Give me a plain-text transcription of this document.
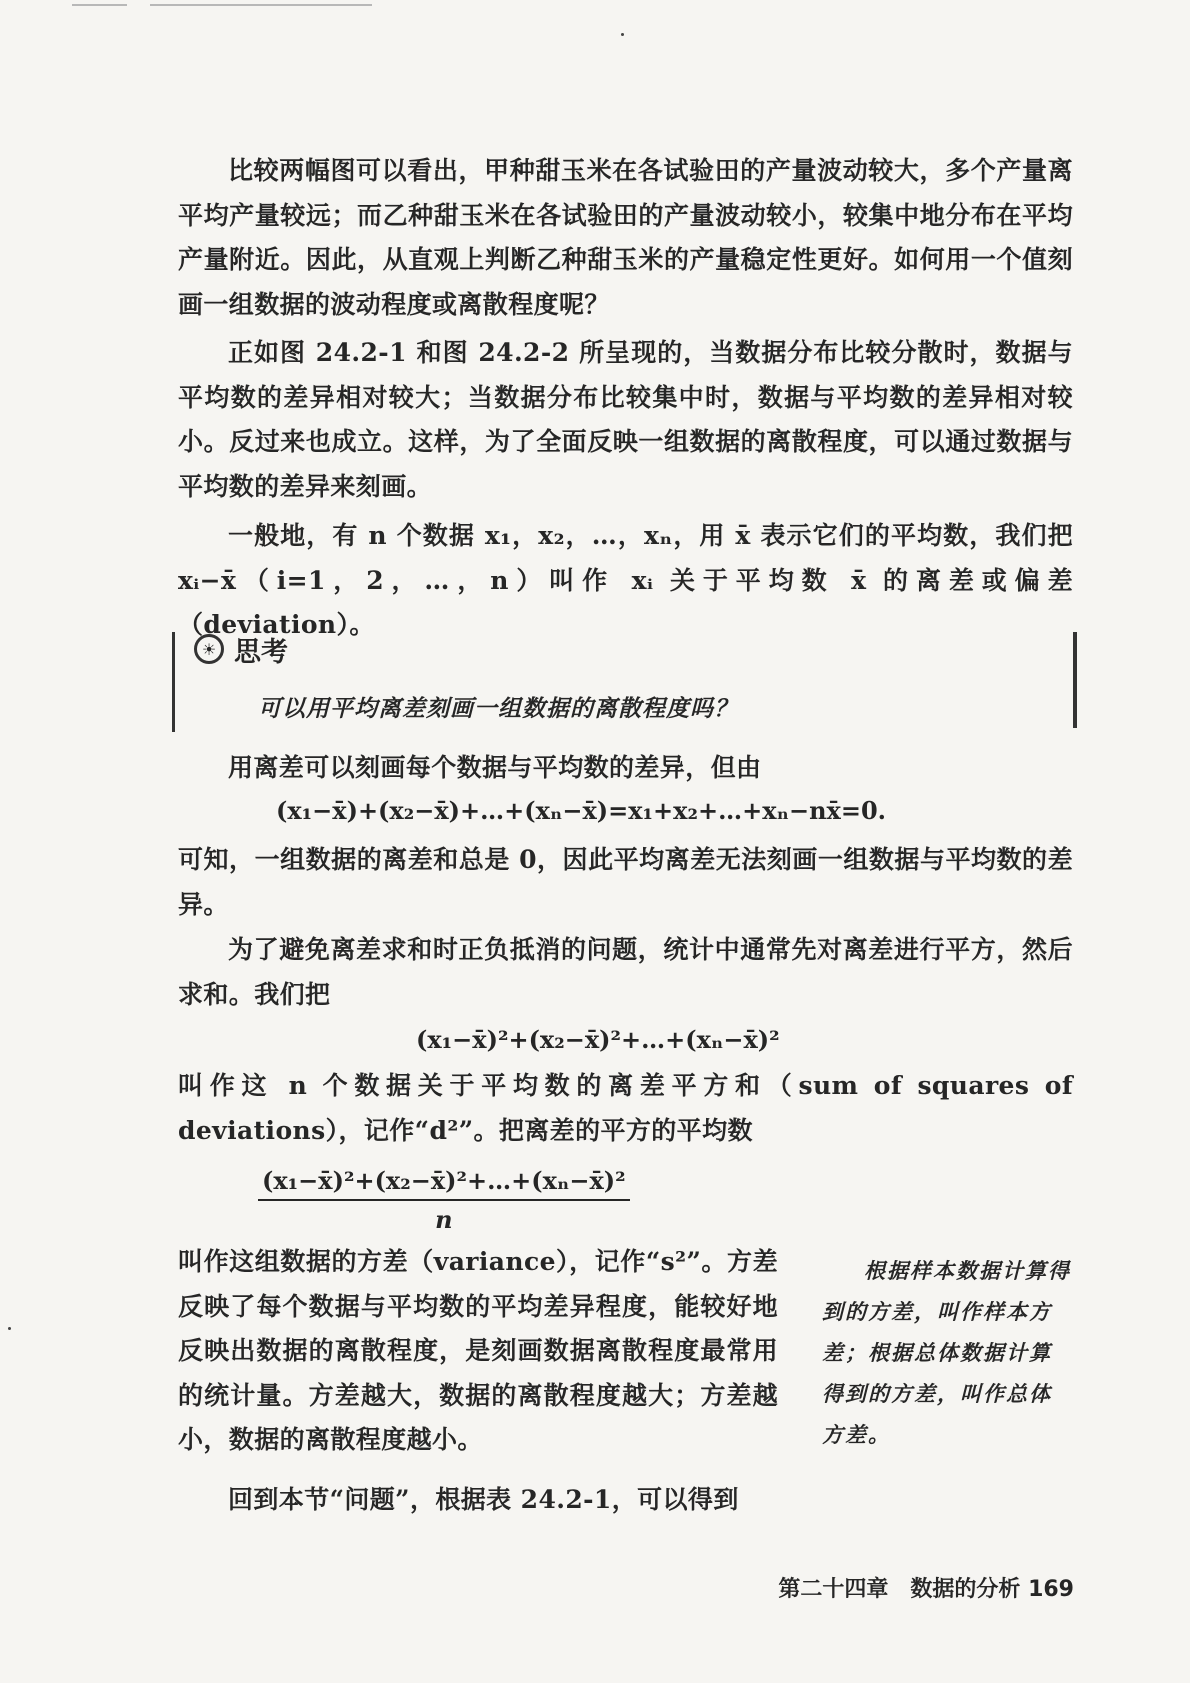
比较两幅图可以看出，甲种甜玉米在各试验田的产量波动较大，多个产量离平均产量较远；而乙种甜玉米在各试验田的产量波动较小，较集中地分布在平均产量附近。因此，从直观上判断乙种甜玉米的产量稳定性更好。如何用一个值刻画一组数据的波动程度或离散程度呢？

正如图 24.2-1 和图 24.2-2 所呈现的，当数据分布比较分散时，数据与平均数的差异相对较大；当数据分布比较集中时，数据与平均数的差异相对较小。反过来也成立。这样，为了全面反映一组数据的离散程度，可以通过数据与平均数的差异来刻画。

一般地，有 n 个数据 x₁，x₂，…，xₙ，用 x̄ 表示它们的平均数，我们把 xᵢ−x̄（i=1，2，…，n）叫作 xᵢ 关于平均数 x̄ 的离差或偏差（deviation）。

☀ 思考
可以用平均离差刻画一组数据的离散程度吗？

用离差可以刻画每个数据与平均数的差异，但由

(x₁−x̄)+(x₂−x̄)+…+(xₙ−x̄)=x₁+x₂+…+xₙ−nx̄=0.

可知，一组数据的离差和总是 0，因此平均离差无法刻画一组数据与平均数的差异。

为了避免离差求和时正负抵消的问题，统计中通常先对离差进行平方，然后求和。我们把

(x₁−x̄)²+(x₂−x̄)²+…+(xₙ−x̄)²

叫作这 n 个数据关于平均数的离差平方和（sum of squares of deviations），记作“d²”。把离差的平方的平均数

$\frac{\text{(x₁−x̄)²+(x₂−x̄)²+…+(xₙ−x̄)²}}{n}$

叫作这组数据的方差（variance），记作“s²”。方差反映了每个数据与平均数的平均差异程度，能较好地反映出数据的离散程度，是刻画数据离散程度最常用的统计量。方差越大，数据的离散程度越大；方差越小，数据的离散程度越小。

根据样本数据计算得到的方差，叫作样本方差；根据总体数据计算得到的方差，叫作总体方差。

回到本节“问题”，根据表 24.2-1，可以得到
第二十四章 数据的分析 169
